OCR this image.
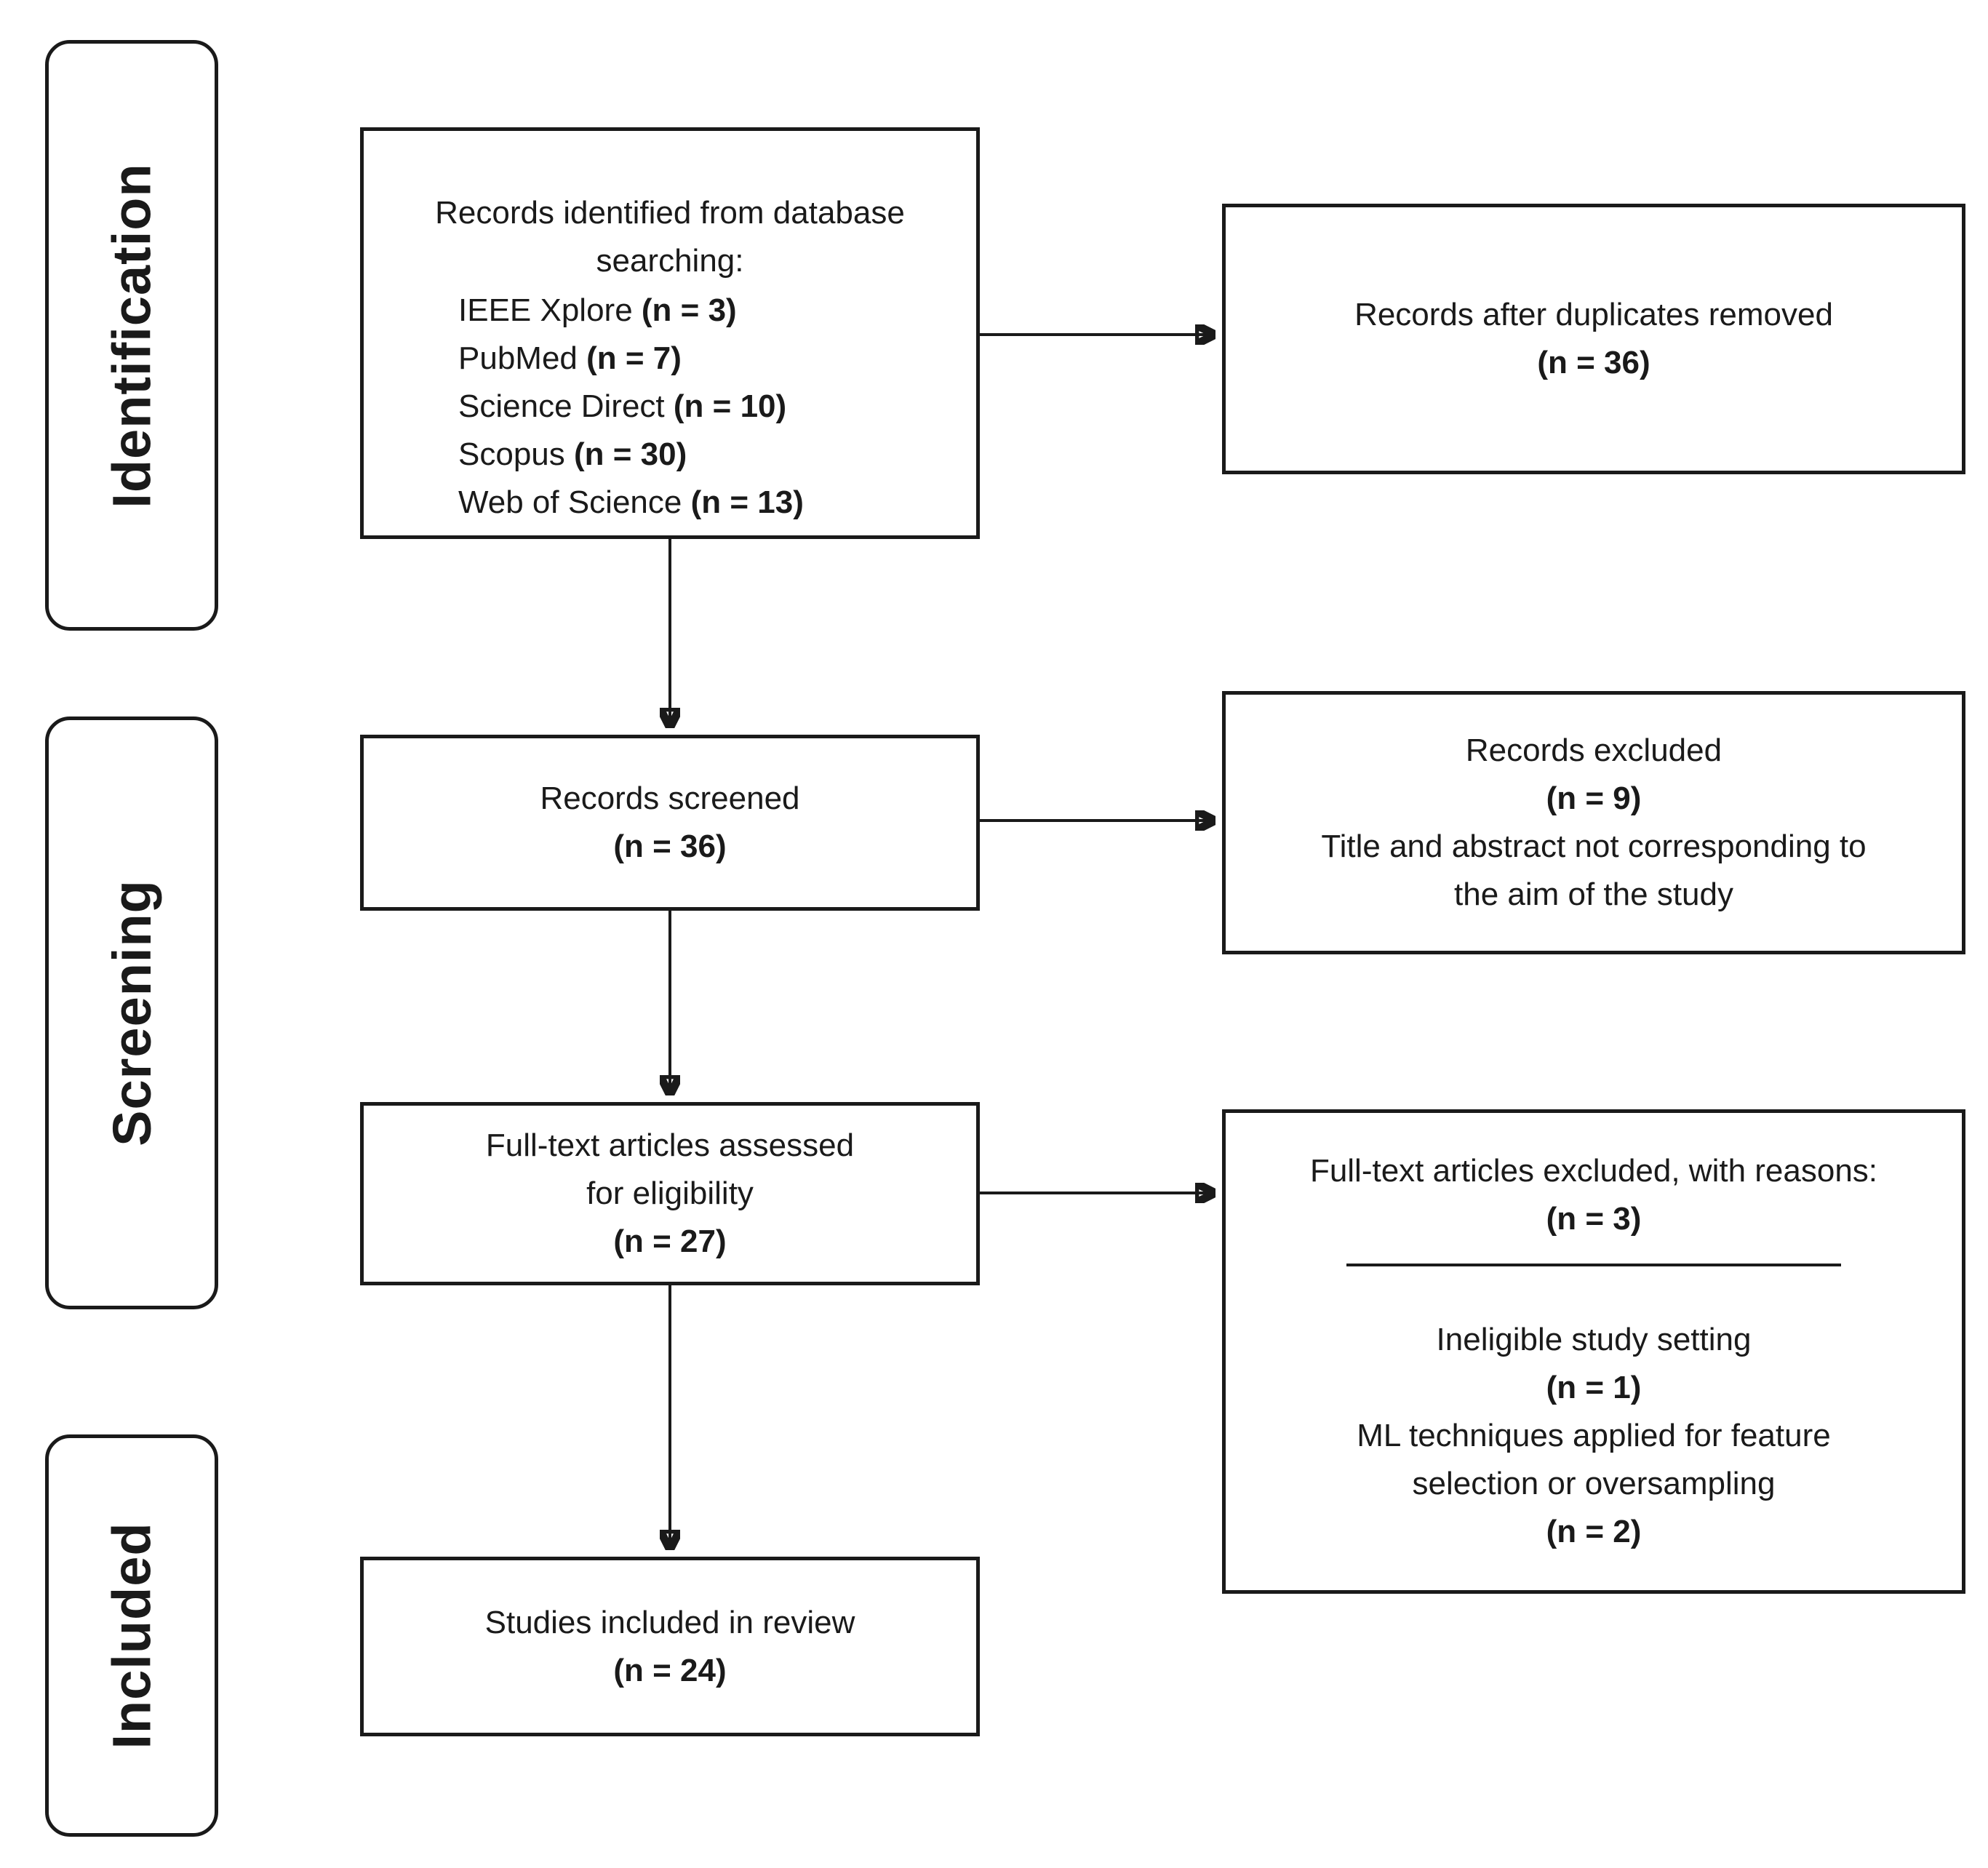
Identification
Screening
Included
Records identified from database
searching:
IEEE Xplore (n = 3)
PubMed (n = 7)
Science Direct (n = 10)
Scopus (n = 30)
Web of Science (n = 13)
Records after duplicates removed
(n = 36)
Records screened
(n = 36)
Records excluded
(n = 9)
Title and abstract not corresponding to
the aim of the study
Full-text articles assessed
for eligibility
(n = 27)
Full-text articles excluded, with reasons:
(n = 3)
Ineligible study setting
(n = 1)
ML techniques applied for feature
selection or oversampling
(n = 2)
Studies included in review
(n = 24)
